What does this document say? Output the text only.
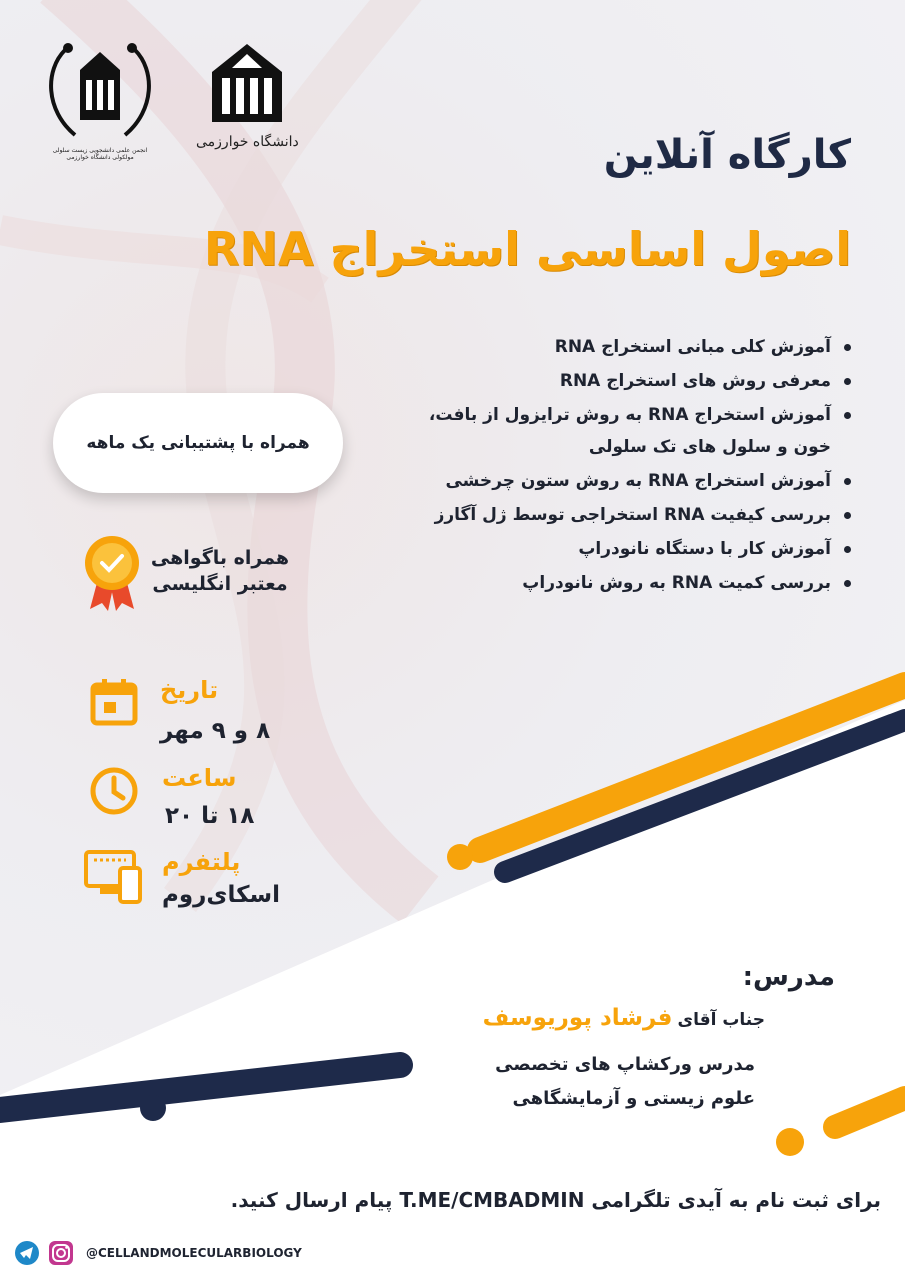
انجمن علمی دانشجویی زیست سلولی مولکولی دانشگاه خوارزمی
دانشگاه خوارزمی	کارگاه آنلاین
اصول اساسی استخراج RNA
آموزش کلی مبانی استخراج RNA
معرفی روش های استخراج RNA
آموزش استخراج RNA به روش ترایزول از بافت،
خون و سلول های تک سلولی
آموزش استخراج RNA به روش ستون چرخشی
بررسی کیفیت RNA استخراجی توسط ژل آگارز
آموزش کار با دستگاه نانودراپ
بررسی کمیت RNA به روش نانودراپ
همراه با پشتیبانی یک ماهه
همراه باگواهی
معتبر انگلیسی
تاریخ
۸ و ۹ مهر
ساعت
۱۸ تا ۲۰
پلتفرم
اسکای‌روم
مدرس:
جناب آقای فرشاد پوریوسف
مدرس ورکشاپ های تخصصی
علوم زیستی و آزمایشگاهی
برای ثبت نام به آیدی تلگرامی T.ME/CMBADMIN پیام ارسال کنید.
@CELLANDMOLECULARBIOLOGY
